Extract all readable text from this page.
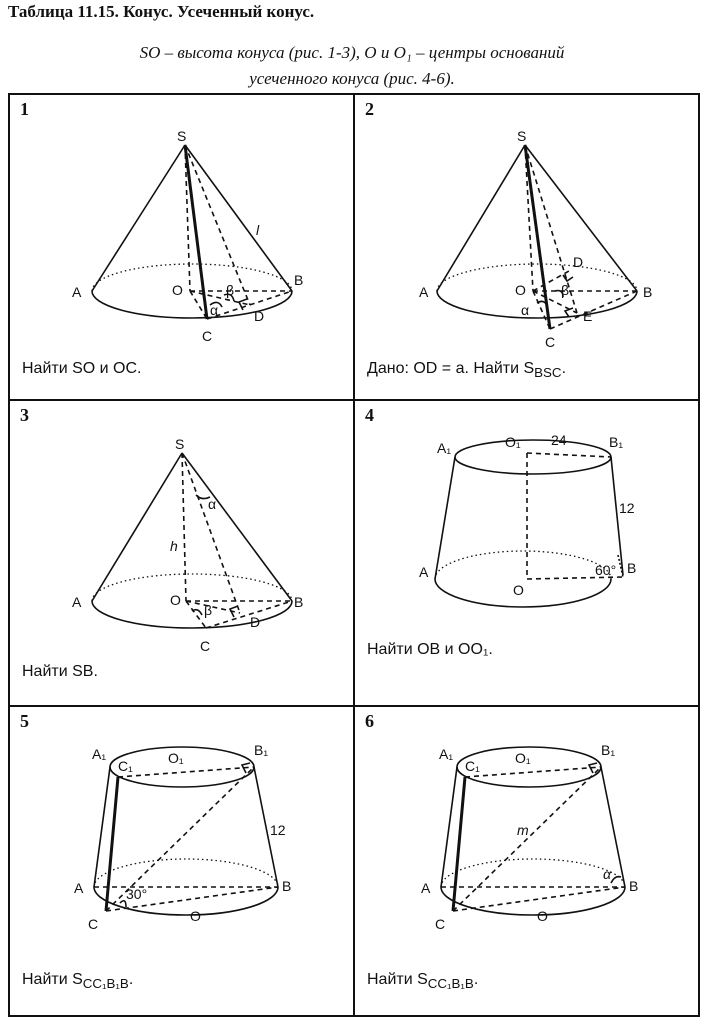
Таблица 11.15. Конус. Усеченный конус.
SO – высота конуса (рис. 1-3), O и O₁ – центры оснований
усеченного конуса (рис. 4-6).
1
S
A
B
O
C
D
l
α
β
Найти SO и OC.
2
S
A	B
O
C
D
E
α
β
Дано: OD = a. Найти $S_{BSC}$.
3
S
A	B
O
C
D
h
α
β
Найти SB.
4
A₁	B₁
O₁ 24
12
A	B
O
60°
Найти OB и OO₁.
5
A₁	B₁
O₁
C₁
12
A	B
O
C
30°
Найти $S_{CC_1B_1B}$.
6
A₁	B₁
O₁
C₁
m
A	B
O
C
α
Найти $S_{CC_1B_1B}$.
